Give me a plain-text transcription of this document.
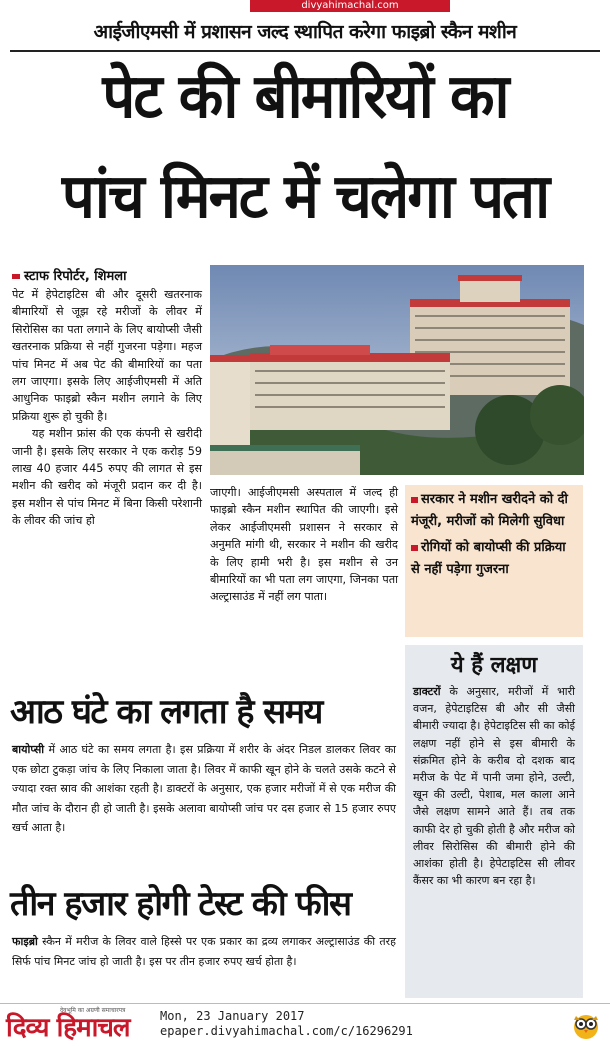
divyahimachal.com
आईजीएमसी में प्रशासन जल्द स्थापित करेगा फाइब्रो स्कैन मशीन
पेट की बीमारियों का
पांच मिनट में चलेगा पता
स्टाफ रिपोर्टर, शिमला

पेट में हेपेटाइटिस बी और दूसरी खतरनाक बीमारियों से जूझ रहे मरीजों के लीवर में सिरोसिस का पता लगाने के लिए बायोप्सी जैसी खतरनाक प्रक्रिया से नहीं गुजरना पड़ेगा। महज पांच मिनट में अब पेट की बीमारियों का पता लग जाएगा। इसके लिए आईजीएमसी में अति आधुनिक फाइब्रो स्कैन मशीन लगाने के लिए प्रक्रिया शुरू हो चुकी है।

यह मशीन फ्रांस की एक कंपनी से खरीदी जानी है। इसके लिए सरकार ने एक करोड़ 59 लाख 40 हजार 445 रुपए की लागत से इस मशीन की खरीद को मंजूरी प्रदान कर दी है। इस मशीन से पांच मिनट में बिना किसी परेशानी के लीवर की जांच हो

जाएगी। आईजीएमसी अस्पताल में जल्द ही फाइब्रो स्कैन मशीन स्थापित की जाएगी। इसे लेकर आईजीएमसी प्रशासन ने सरकार से अनुमति मांगी थी, सरकार ने मशीन की खरीद के लिए हामी भरी है। इस मशीन से उन बीमारियों का भी पता लग जाएगा, जिनका पता अल्ट्रासाउंड में नहीं लग पाता।

सरकार ने मशीन खरीदने को दी मंजूरी, मरीजों को मिलेगी सुविधा
रोगियों को बायोप्सी की प्रक्रिया से नहीं पड़ेगा गुजरना
ये हैं लक्षण
डाक्टरों के अनुसार, मरीजों में भारी वजन, हेपेटाइटिस बी और सी जैसी बीमारी ज्यादा है। हेपेटाइटिस सी का कोई लक्षण नहीं होने से इस बीमारी के संक्रमित होने के करीब दो दशक बाद मरीज के पेट में पानी जमा होने, उल्टी, खून की उल्टी, पेशाब, मल काला आने जैसे लक्षण सामने आते हैं। तब तक काफी देर हो चुकी होती है और मरीज को लीवर सिरोसिस की बीमारी होने की आशंका होती है। हेपेटाइटिस सी लीवर कैंसर का भी कारण बन रहा है।
आठ घंटे का लगता है समय
बायोप्सी में आठ घंटे का समय लगता है। इस प्रक्रिया में शरीर के अंदर निडल डालकर लिवर का एक छोटा टुकड़ा जांच के लिए निकाला जाता है। लिवर में काफी खून होने के चलते उसके कटने से ज्यादा रक्त स्राव की आशंका रहती है। डाक्टरों के अनुसार, एक हजार मरीजों में से एक मरीज की मौत जांच के दौरान ही हो जाती है। इसके अलावा बायोप्सी जांच पर दस हजार से 15 हजार रुपए खर्च आता है।
तीन हजार होगी टेस्ट की फीस
फाइब्रो स्कैन में मरीज के लिवर वाले हिस्से पर एक प्रकार का द्रव्य लगाकर अल्ट्रासाउंड की तरह सिर्फ पांच मिनट जांच हो जाती है। इस पर तीन हजार रुपए खर्च होता है।
देवभूमि का अग्रणी समाचारपत्र
दिव्य हिमाचल	Mon, 23 January 2017
epaper.divyahimachal.com/c/16296291
